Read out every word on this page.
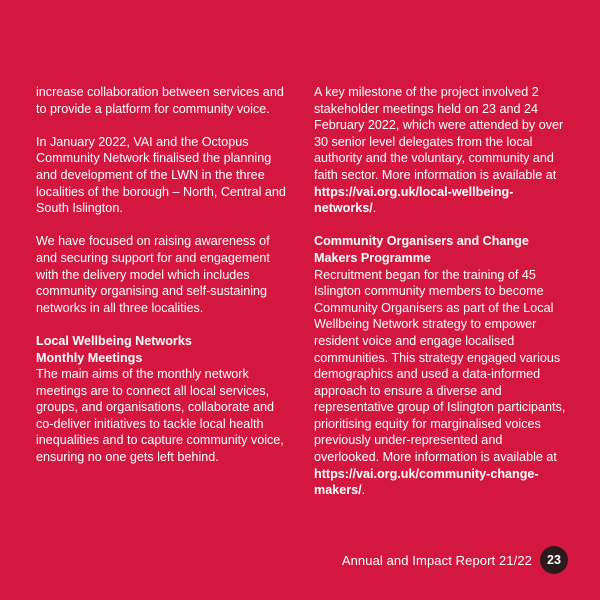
increase collaboration between services and to provide a platform for community voice.

In January 2022, VAI and the Octopus Community Network finalised the planning and development of the LWN in the three localities of the borough – North, Central and South Islington.

We have focused on raising awareness of and securing support for and engagement with the delivery model which includes community organising and self-sustaining networks in all three localities.

Local Wellbeing Networks
Monthly Meetings

The main aims of the monthly network meetings are to connect all local services, groups, and organisations, collaborate and co-deliver initiatives to tackle local health inequalities and to capture community voice, ensuring no one gets left behind.

A key milestone of the project involved 2 stakeholder meetings held on 23 and 24 February 2022, which were attended by over 30 senior level delegates from the local authority and the voluntary, community and faith sector. More information is available at https://vai.org.uk/local-wellbeing-networks/.

Community Organisers and Change
Makers Programme

Recruitment began for the training of 45 Islington community members to become Community Organisers as part of the Local Wellbeing Network strategy to empower resident voice and engage localised communities. This strategy engaged various demographics and used a data-informed approach to ensure a diverse and representative group of Islington participants, prioritising equity for marginalised voices previously under-represented and overlooked. More information is available at https://vai.org.uk/community-change-makers/.

Annual and Impact Report 21/22	23
